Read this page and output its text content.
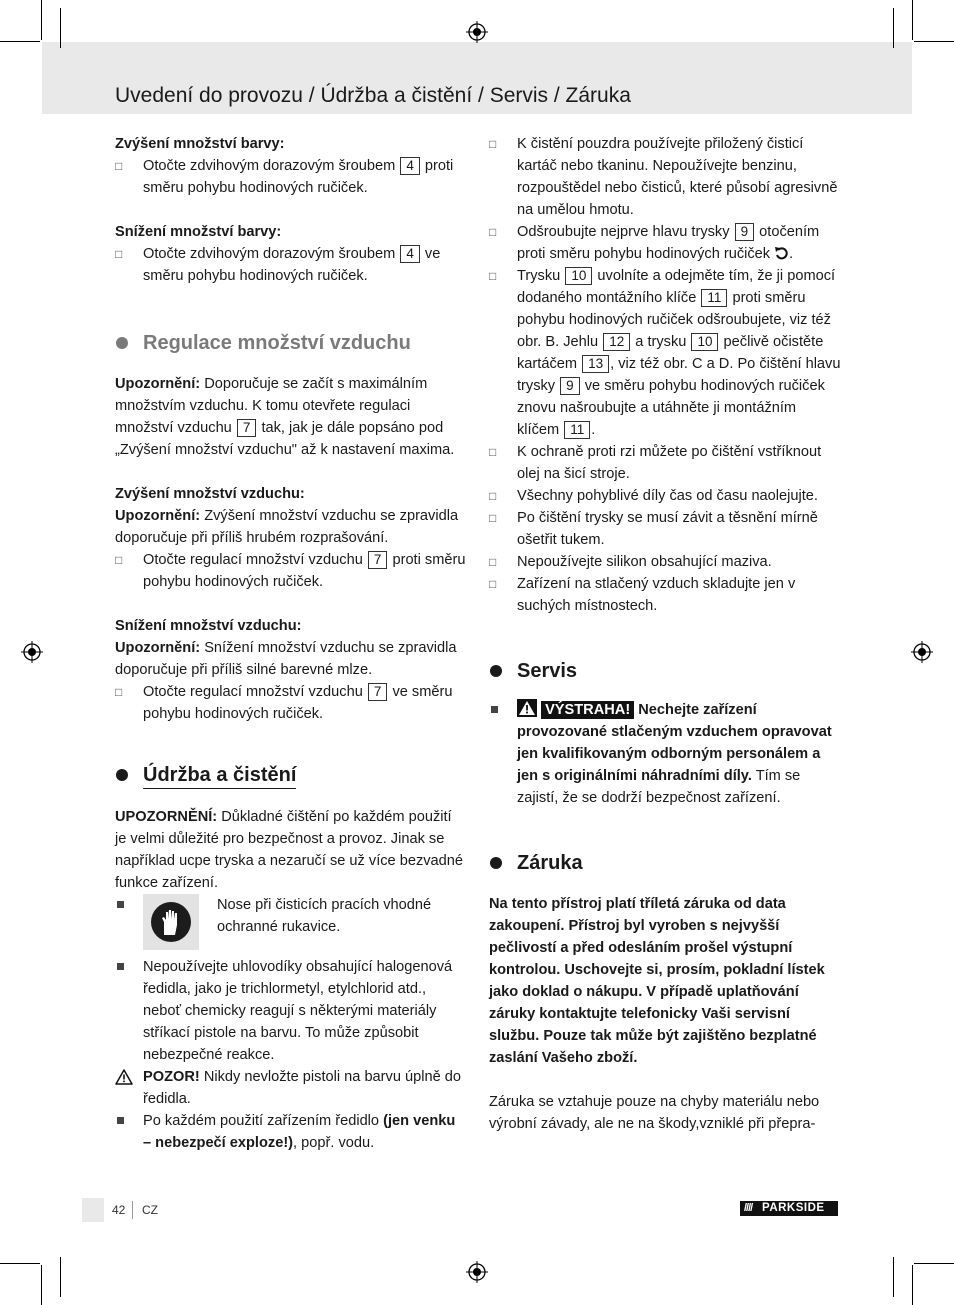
Uvedení do provozu / Údržba a čistění / Servis / Záruka

Zvýšení množství barvy:

□ Otočte zdvihovým dorazovým šroubem 4 proti směru pohybu hodinových ručiček.

Snížení množství barvy:

□ Otočte zdvihovým dorazovým šroubem 4 ve směru pohybu hodinových ručiček.
Regulace množství vzduchu

Upozornění: Doporučuje se začít s maximálním množstvím vzduchu. K tomu otevřete regulaci množství vzduchu 7 tak, jak je dále popsáno pod „Zvýšení množství vzduchu" až k nastavení maxima.

Zvýšení množství vzduchu:

Upozornění: Zvýšení množství vzduchu se zpravidla doporučuje při příliš hrubém rozprašování.

□ Otočte regulací množství vzduchu 7 proti směru pohybu hodinových ručiček.

Snížení množství vzduchu:

Upozornění: Snížení množství vzduchu se zpravidla doporučuje při příliš silné barevné mlze.

□ Otočte regulací množství vzduchu 7 ve směru pohybu hodinových ručiček.
Údržba a čistění

UPOZORNĚNÍ: Důkladné čištění po každém použití je velmi důležité pro bezpečnost a provoz. Jinak se například ucpe tryska a nezaručí se už více bezvadné funkce zařízení.

Nose při čisticích pracích vhodné ochranné rukavice.
Nepoužívejte uhlovodíky obsahující halogenová ředidla, jako je trichlormetyl, etylchlorid atd., neboť chemicky reagují s některými materiály stříkací pistole na barvu. To může způsobit nebezpečné reakce.
POZOR! Nikdy nevložte pistoli na barvu úplně do ředidla.
Po každém použití zařízením ředidlo (jen venku – nebezpečí exploze!), popř. vodu.
□ K čistění pouzdra používejte přiložený čisticí kartáč nebo tkaninu. Nepoužívejte benzinu, rozpouštědel nebo čisticů, které působí agresivně na umělou hmotu.
□ Odšroubujte nejprve hlavu trysky 9 otočením proti směru pohybu hodinových ručiček .
□ Trysku 10 uvolníte a odejměte tím, že ji pomocí dodaného montážního klíče 11 proti směru pohybu hodinových ručiček odšroubujete, viz též obr. B. Jehlu 12 a trysku 10 pečlivě očistěte kartáčem 13 , viz též obr. C a D. Po čištění hlavu trysky 9 ve směru pohybu hodinových ručiček znovu našroubujte a utáhněte ji montážním klíčem 11 .
□ K ochraně proti rzi můžete po čištění vstříknout olej na šicí stroje.
□ Všechny pohyblivé díly čas od času naolejujte.
□ Po čištění trysky se musí závit a těsnění mírně ošetřit tukem.
□ Nepoužívejte silikon obsahující maziva.
□ Zařízení na stlačený vzduch skladujte jen v suchých místnostech.
Servis
VÝSTRAHA! Nechejte zařízení provozované stlačeným vzduchem opravovat jen kvalifikovaným odborným personálem a jen s originálními náhradními díly. Tím se zajistí, že se dodrží bezpečnost zařízení.
Záruka

Na tento přístroj platí tříletá záruka od data zakoupení. Přístroj byl vyroben s nejvyšší pečlivostí a před odesláním prošel výstupní kontrolou. Uschovejte si, prosím, pokladní lístek jako doklad o nákupu. V případě uplatňování záruky kontaktujte telefonicky Vaši servisní službu. Pouze tak může být zajištěno bezplatné zaslání Vašeho zboží.

Záruka se vztahuje pouze na chyby materiálu nebo výrobní závady, ale ne na škody,vzniklé při přepra-

42 CZ	//// PARKSIDE
